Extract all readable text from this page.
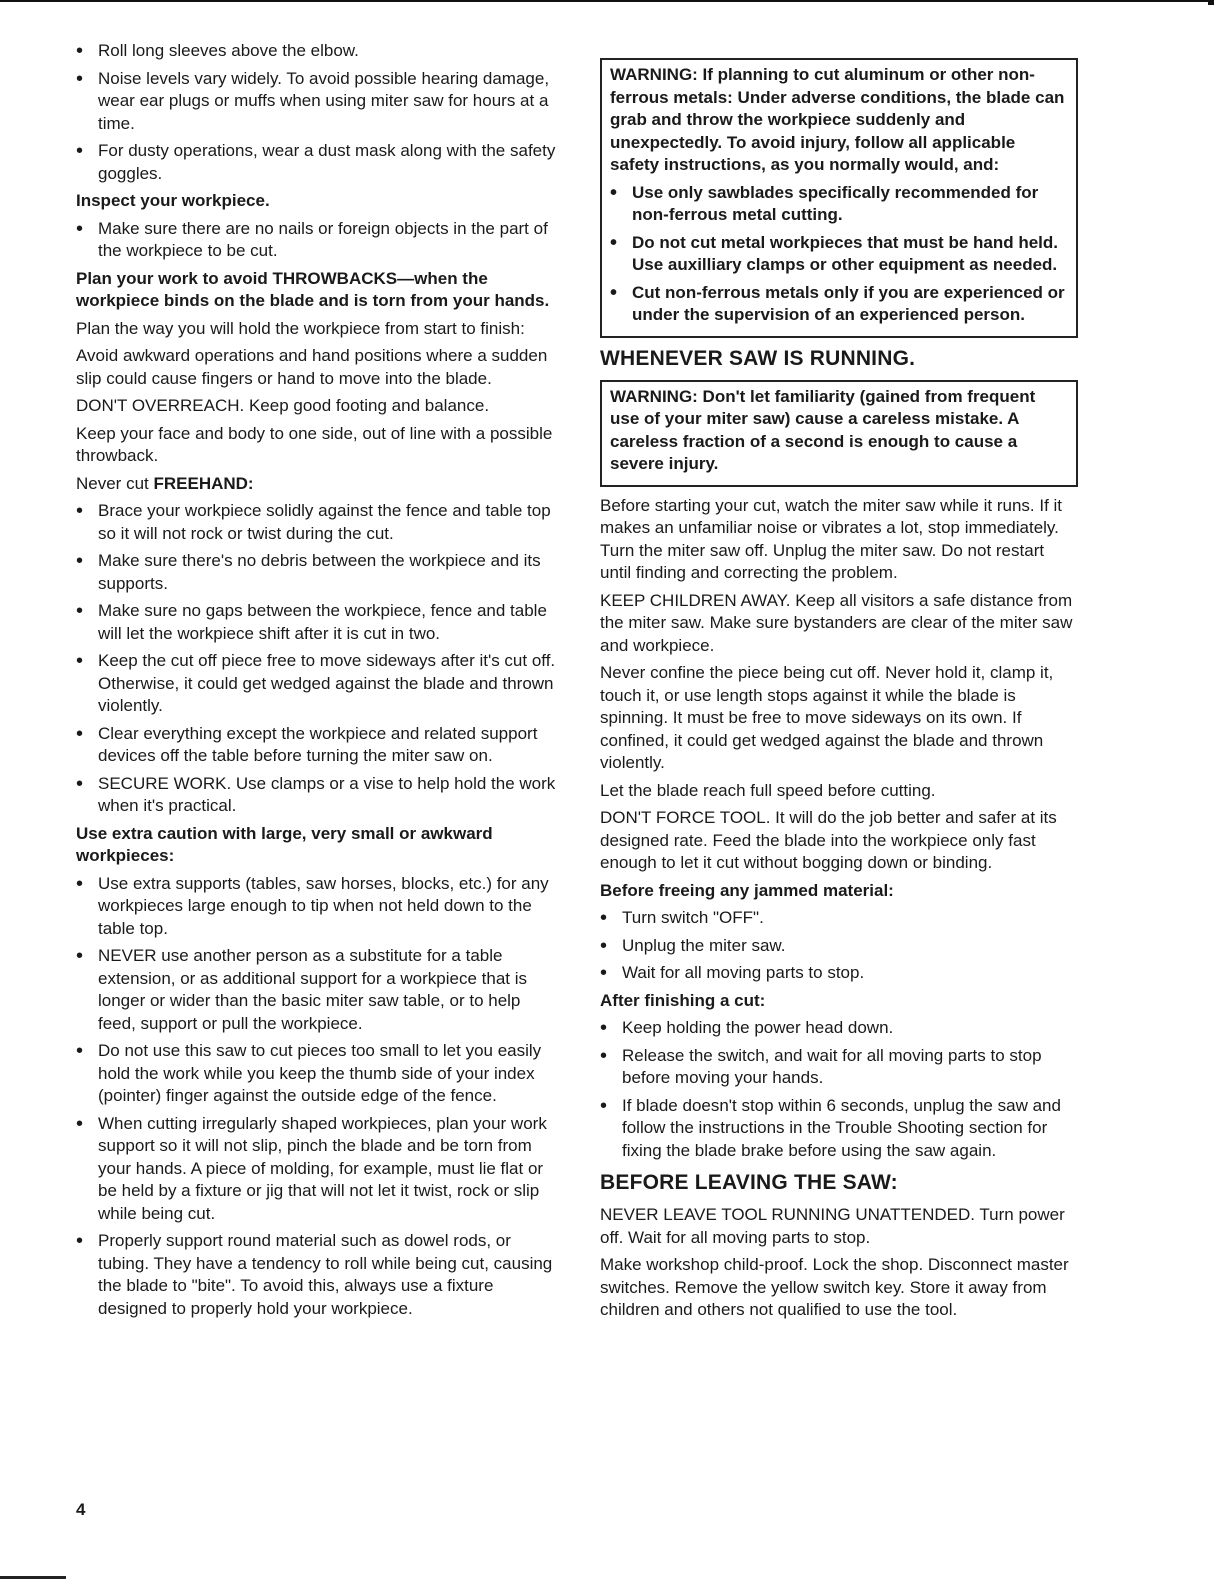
• Roll long sleeves above the elbow.
• Noise levels vary widely. To avoid possible hearing damage, wear ear plugs or muffs when using miter saw for hours at a time.
• For dusty operations, wear a dust mask along with the safety goggles.
Inspect your workpiece.
• Make sure there are no nails or foreign objects in the part of the workpiece to be cut.
Plan your work to avoid THROWBACKS—when the workpiece binds on the blade and is torn from your hands.
Plan the way you will hold the workpiece from start to finish:
Avoid awkward operations and hand positions where a sudden slip could cause fingers or hand to move into the blade.
DON'T OVERREACH. Keep good footing and balance.
Keep your face and body to one side, out of line with a possible throwback.
Never cut FREEHAND:
• Brace your workpiece solidly against the fence and table top so it will not rock or twist during the cut.
• Make sure there's no debris between the workpiece and its supports.
• Make sure no gaps between the workpiece, fence and table will let the workpiece shift after it is cut in two.
• Keep the cut off piece free to move sideways after it's cut off. Otherwise, it could get wedged against the blade and thrown violently.
• Clear everything except the workpiece and related support devices off the table before turning the miter saw on.
• SECURE WORK. Use clamps or a vise to help hold the work when it's practical.
Use extra caution with large, very small or awkward workpieces:
• Use extra supports (tables, saw horses, blocks, etc.) for any workpieces large enough to tip when not held down to the table top.
• NEVER use another person as a substitute for a table extension, or as additional support for a workpiece that is longer or wider than the basic miter saw table, or to help feed, support or pull the workpiece.
• Do not use this saw to cut pieces too small to let you easily hold the work while you keep the thumb side of your index (pointer) finger against the outside edge of the fence.
• When cutting irregularly shaped workpieces, plan your work support so it will not slip, pinch the blade and be torn from your hands. A piece of molding, for example, must lie flat or be held by a fixture or jig that will not let it twist, rock or slip while being cut.
• Properly support round material such as dowel rods, or tubing. They have a tendency to roll while being cut, causing the blade to "bite". To avoid this, always use a fixture designed to properly hold your workpiece.
WARNING: If planning to cut aluminum or other non-ferrous metals: Under adverse conditions, the blade can grab and throw the workpiece suddenly and unexpectedly. To avoid injury, follow all applicable safety instructions, as you normally would, and:
• Use only sawblades specifically recommended for non-ferrous metal cutting.
• Do not cut metal workpieces that must be hand held. Use auxilliary clamps or other equipment as needed.
• Cut non-ferrous metals only if you are experienced or under the supervision of an experienced person.
WHENEVER SAW IS RUNNING.
WARNING: Don't let familiarity (gained from frequent use of your miter saw) cause a careless mistake. A careless fraction of a second is enough to cause a severe injury.
Before starting your cut, watch the miter saw while it runs. If it makes an unfamiliar noise or vibrates a lot, stop immediately. Turn the miter saw off. Unplug the miter saw. Do not restart until finding and correcting the problem.
KEEP CHILDREN AWAY. Keep all visitors a safe distance from the miter saw. Make sure bystanders are clear of the miter saw and workpiece.
Never confine the piece being cut off. Never hold it, clamp it, touch it, or use length stops against it while the blade is spinning. It must be free to move sideways on its own. If confined, it could get wedged against the blade and thrown violently.
Let the blade reach full speed before cutting.
DON'T FORCE TOOL. It will do the job better and safer at its designed rate. Feed the blade into the workpiece only fast enough to let it cut without bogging down or binding.
Before freeing any jammed material:
• Turn switch "OFF".
• Unplug the miter saw.
• Wait for all moving parts to stop.
After finishing a cut:
• Keep holding the power head down.
• Release the switch, and wait for all moving parts to stop before moving your hands.
• If blade doesn't stop within 6 seconds, unplug the saw and follow the instructions in the Trouble Shooting section for fixing the blade brake before using the saw again.
BEFORE LEAVING THE SAW:
NEVER LEAVE TOOL RUNNING UNATTENDED. Turn power off. Wait for all moving parts to stop.
Make workshop child-proof. Lock the shop. Disconnect master switches. Remove the yellow switch key. Store it away from children and others not qualified to use the tool.
4
